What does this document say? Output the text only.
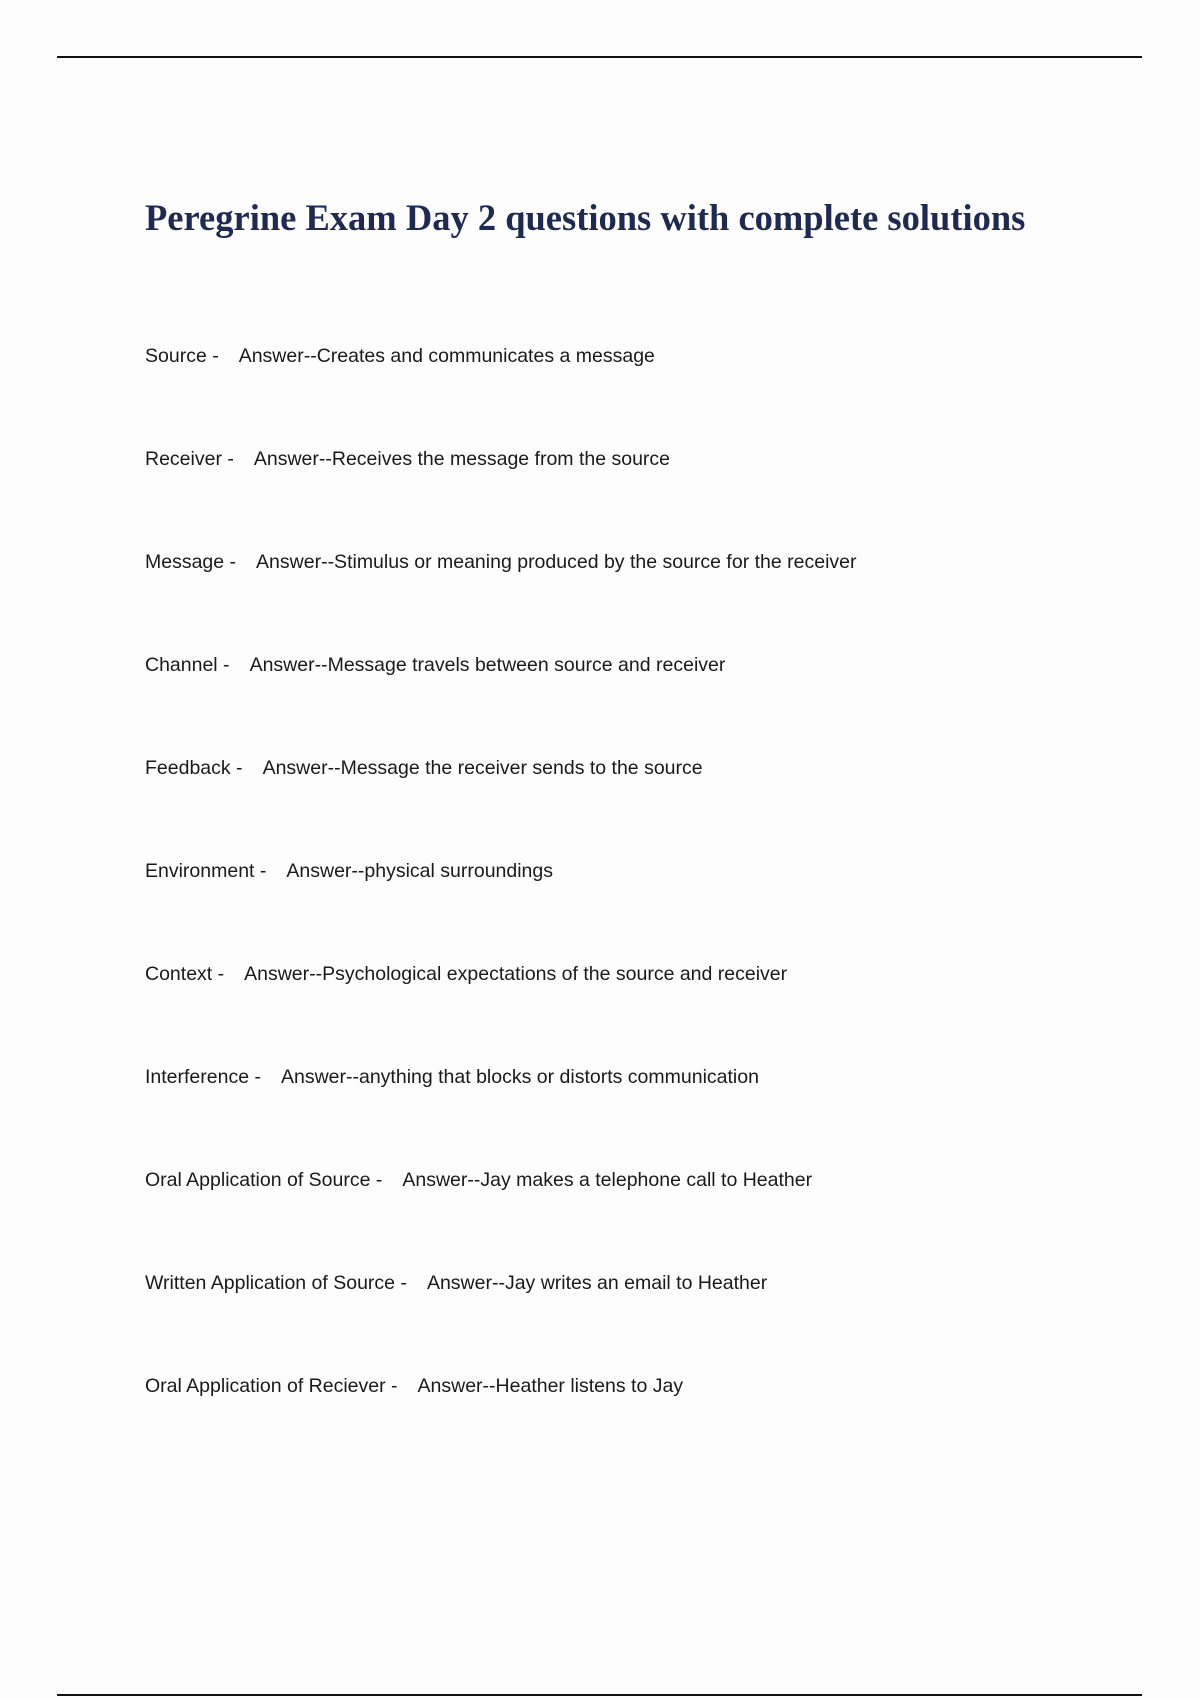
Peregrine Exam Day 2 questions with complete solutions
Source - Answer--Creates and communicates a message
Receiver - Answer--Receives the message from the source
Message - Answer--Stimulus or meaning produced by the source for the receiver
Channel - Answer--Message travels between source and receiver
Feedback - Answer--Message the receiver sends to the source
Environment - Answer--physical surroundings
Context - Answer--Psychological expectations of the source and receiver
Interference - Answer--anything that blocks or distorts communication
Oral Application of Source - Answer--Jay makes a telephone call to Heather
Written Application of Source - Answer--Jay writes an email to Heather
Oral Application of Reciever - Answer--Heather listens to Jay
